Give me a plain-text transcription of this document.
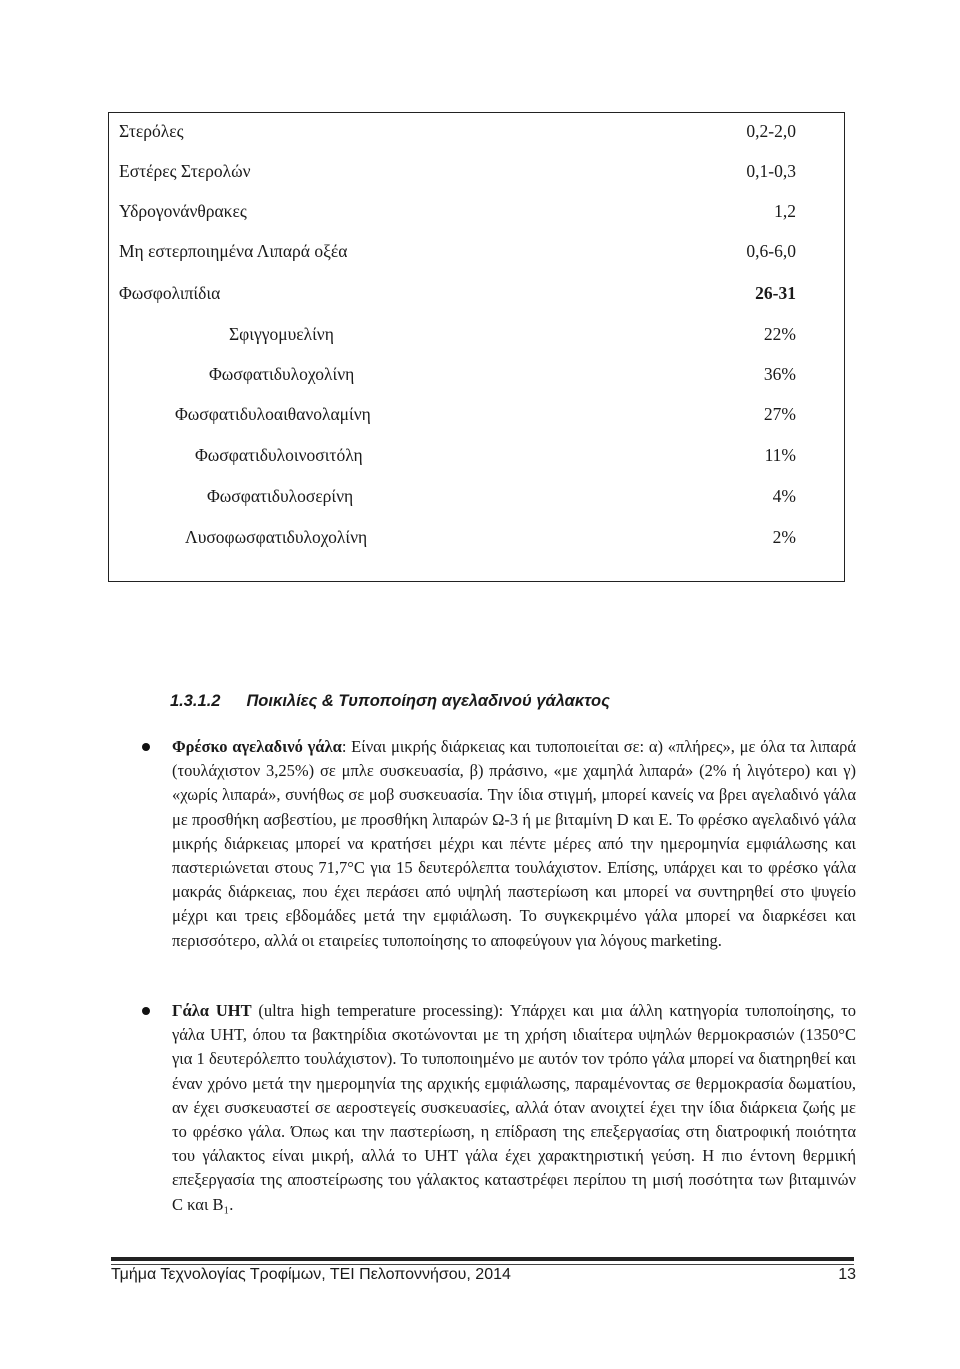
Στερόλες	0,2-2,0
Εστέρες Στερολών	0,1-0,3
Υδρογονάνθρακες	1,2
Μη εστερποιημένα Λιπαρά οξέα	0,6-6,0
Φωσφολιπίδια	26-31
Σφιγγομυελίνη	22%
Φωσφατιδυλοχολίνη	36%
Φωσφατιδυλοαιθανολαμίνη	27%
Φωσφατιδυλοινοσιτόλη	11%
Φωσφατιδυλοσερίνη	4%
Λυσοφωσφατιδυλοχολίνη	2%
1.3.1.2 Ποικιλίες & Τυποποίηση αγελαδινού γάλακτος
Φρέσκο αγελαδινό γάλα: Είναι μικρής διάρκειας και τυποποιείται σε: α) «πλήρες», με όλα τα λιπαρά (τουλάχιστον 3,25%) σε μπλε συσκευασία, β) πράσινο, «με χαμηλά λιπαρά» (2% ή λιγότερο) και γ) «χωρίς λιπαρά», συνήθως σε μοβ συσκευασία. Την ίδια στιγμή, μπορεί κανείς να βρει αγελαδινό γάλα με προσθήκη ασβεστίου, με προσθήκη λιπαρών Ω-3 ή με βιταμίνη D και E. Το φρέσκο αγελαδινό γάλα μικρής διάρκειας μπορεί να κρατήσει μέχρι και πέντε μέρες από την ημερομηνία εμφιάλωσης και παστεριώνεται στους 71,7°C για 15 δευτερόλεπτα τουλάχιστον. Επίσης, υπάρχει και το φρέσκο γάλα μακράς διάρκειας, που έχει περάσει από υψηλή παστερίωση και μπορεί να συντηρηθεί στο ψυγείο μέχρι και τρεις εβδομάδες μετά την εμφιάλωση. Το συγκεκριμένο γάλα μπορεί να διαρκέσει και περισσότερο, αλλά οι εταιρείες τυποποίησης το αποφεύγουν για λόγους marketing.
Γάλα UHT (ultra high temperature processing): Υπάρχει και μια άλλη κατηγορία τυποποίησης, το γάλα UHT, όπου τα βακτηρίδια σκοτώνονται με τη χρήση ιδιαίτερα υψηλών θερμοκρασιών (1350°C για 1 δευτερόλεπτο τουλάχιστον). Το τυποποιημένο με αυτόν τον τρόπο γάλα μπορεί να διατηρηθεί και έναν χρόνο μετά την ημερομηνία της αρχικής εμφιάλωσης, παραμένοντας σε θερμοκρασία δωματίου, αν έχει συσκευαστεί σε αεροστεγείς συσκευασίες, αλλά όταν ανοιχτεί έχει την ίδια διάρκεια ζωής με το φρέσκο γάλα. Όπως και την παστερίωση, η επίδραση της επεξεργασίας στη διατροφική ποιότητα του γάλακτος είναι μικρή, αλλά το UHT γάλα έχει χαρακτηριστική γεύση. Η πιο έντονη θερμική επεξεργασία της αποστείρωσης του γάλακτος καταστρέφει περίπου τη μισή ποσότητα των βιταμινών C και B₁.
Τμήμα Τεχνολογίας Τροφίμων, ΤΕΙ Πελοποννήσου, 2014	13
